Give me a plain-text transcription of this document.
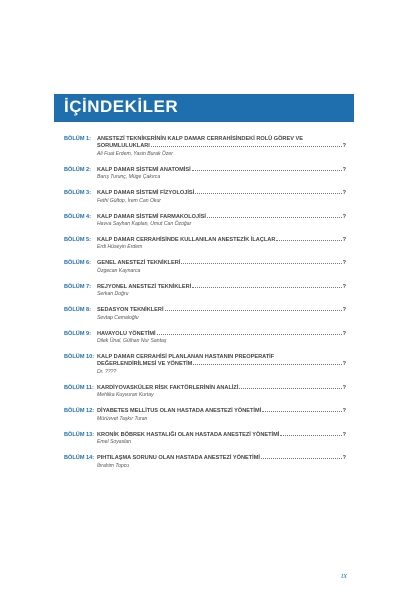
İÇİNDEKİLER
BÖLÜM 1:	ANESTEZİ TEKNİKERİNİN KALP DAMAR CERRAHİSİNDEKİ ROLÜ GÖREV VE
SORUMLULUKLARI	?
Ali Fuat Erdem, Yasin Burak Özer
BÖLÜM 2:	KALP DAMAR SİSTEMİ ANATOMİSİ	?
Barış Turunç, Müge Çakırca
BÖLÜM 3:	KALP DAMAR SİSTEMİ FİZYOLOJİSİ	?
Fethi Gültop, İrem Can Okur
BÖLÜM 4:	KALP DAMAR SİSTEMİ FARMAKOLOJİSİ	?
Havva Sayhan Kaplan, Umut Can Özoğar
BÖLÜM 5:	KALP DAMAR CERRAHİSİNDE KULLANILAN ANESTEZİK İLAÇLAR	?
Erdi Hüseyin Erdem
BÖLÜM 6:	GENEL ANESTEZİ TEKNİKLERİ	?
Özgecan Kaynarca
BÖLÜM 7:	REJYONEL ANESTEZİ TEKNİKLERİ	?
Serkan Doğru
BÖLÜM 8:	SEDASYON TEKNİKLERİ	?
Sevtap Cemaloğlu
BÖLÜM 9:	HAVAYOLU YÖNETİMİ	?
Dilek Ünal, Gülhan Nur Santaş
BÖLÜM 10: KALP DAMAR CERRAHİSİ PLANLANAN HASTANIN PREOPERATİF
DEĞERLENDİRİLMESİ VE YÖNETİM	?
Dr. ????
BÖLÜM 11: KARDİYOVASKÜLER RİSK FAKTÖRLERİNİN ANALİZİ	?
Mehlika Kuyvuran Kurtay
BÖLÜM 12: DİYABETES MELLİTUS OLAN HASTADA ANESTEZİ YÖNETİMİ	?
Mürüvvet Taşkır Turan
BÖLÜM 13: KRONİK BÖBREK HASTALIĞI OLAN HASTADA ANESTEZİ YÖNETİMİ	?
Emel Soyaslan
BÖLÜM 14: PIHTILAŞMA SORUNU OLAN HASTADA ANESTEZİ YÖNETİMİ	?
İbrahim Topcu
IX
